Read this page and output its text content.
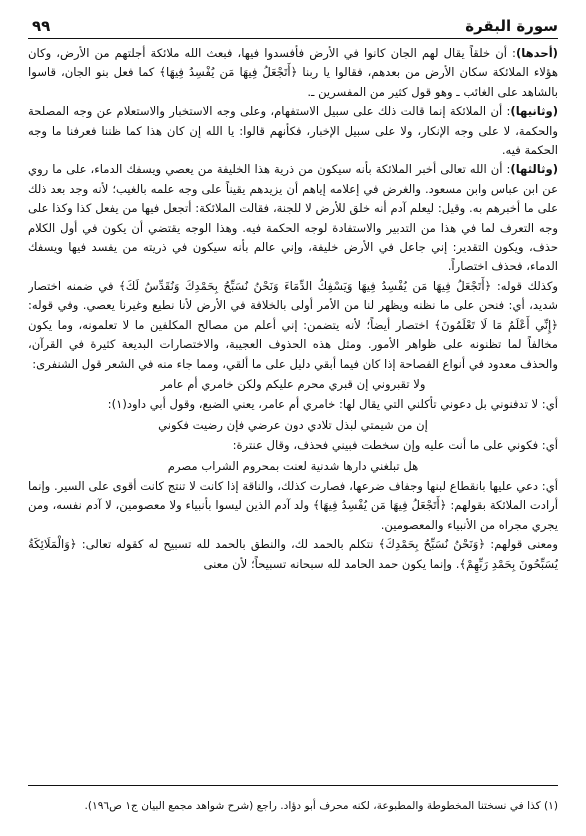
سورة البقرة
٩٩

(أحدها): أن خلقاً يقال لهم الجان كانوا في الأرض فأفسدوا فيها، فبعث الله ملائكة أجلتهم من الأرض، وكان هؤلاء الملائكة سكان الأرض من بعدهم، فقالوا يا ربنا ﴿أَتَجْعَلُ فِيهَا مَن يُفْسِدُ فِيهَا﴾ كما فعل بنو الجان، قاسوا بالشاهد على الغائب ـ وهو قول كثير من المفسرين ـ.

(وثانيها): أن الملائكة إنما قالت ذلك على سبيل الاستفهام، وعلى وجه الاستخبار والاستعلام عن وجه المصلحة والحكمة، لا على وجه الإنكار، ولا على سبيل الإخبار، فكأنهم قالوا: يا الله إن كان هذا كما ظننا فعرفنا ما وجه الحكمة فيه.

(وثالثها): أن الله تعالى أخبر الملائكة بأنه سيكون من ذرية هذا الخليفة من يعصي ويسفك الدماء، على ما روي عن ابن عباس وابن مسعود. والغرض في إعلامه إياهم أن يزيدهم يقيناً على وجه علمه بالغيب؛ لأنه وجد بعد ذلك على ما أخبرهم به. وقيل: ليعلم آدم أنه خلق للأرض لا للجنة، فقالت الملائكة: أتجعل فيها من يفعل كذا وكذا على وجه التعرف لما في هذا من التدبير والاستفادة لوجه الحكمة فيه. وهذا الوجه يقتضي أن يكون في أول الكلام حذف، ويكون التقدير: إني جاعل في الأرض خليفة، وإني عالم بأنه سيكون في ذريته من يفسد فيها ويسفك الدماء، فحذف اختصاراً.

وكذلك قوله: ﴿أَتَجْعَلُ فِيهَا مَن يُفْسِدُ فِيهَا وَيَسْفِكُ الدِّمَاءَ وَنَحْنُ نُسَبِّحُ بِحَمْدِكَ وَنُقَدِّسُ لَكَ﴾ في ضمنه اختصار شديد، أي: فنحن على ما نظنه ويظهر لنا من الأمر أولى بالخلافة في الأرض لأنا نطيع وغيرنا يعصي. وفي قوله: ﴿إِنِّي أَعْلَمُ مَا لَا تَعْلَمُونَ﴾ اختصار أيضاً؛ لأنه يتضمن: إني أعلم من مصالح المكلفين ما لا تعلمونه، وما يكون مخالفاً لما تظنونه على ظواهر الأمور. ومثل هذه الحذوف العجيبة، والاختصارات البديعة كثيرة في القرآن، والحذف معدود في أنواع الفصاحة إذا كان فيما أبقي دليل على ما ألقي، ومما جاء منه في الشعر قول الشنفرى:

ولا تقبروني إن قبري محرم عليكم ولكن خامري أم عامر

أي: لا تدفنوني بل دعوني تأكلني التي يقال لها: خامري أم عامر، يعني الضبع، وقول أبي داود(١):

إن من شيمتي لبذل تلادي دون عرضي فإن رضيت فكوني

أي: فكوني على ما أنت عليه وإن سخطت فبيني فحذف، وقال عنترة:

هل تبلغني دارها شدنية لعنت بمحروم الشراب مصرم

أي: دعي عليها بانقطاع لبنها وجفاف ضرعها، فصارت كذلك، والناقة إذا كانت لا تنتج كانت أقوى على السير. وإنما أرادت الملائكة بقولهم: ﴿أَتَجْعَلُ فِيهَا مَن يُفْسِدُ فِيهَا﴾ ولد آدم الذين ليسوا بأنبياء ولا معصومين، لا آدم نفسه، ومن يجري مجراه من الأنبياء والمعصومين.

ومعنى قولهم: ﴿وَنَحْنُ نُسَبِّحُ بِحَمْدِكَ﴾ نتكلم بالحمد لك، والنطق بالحمد لله تسبيح له كقوله تعالى: ﴿وَالْمَلَائِكَةُ يُسَبِّحُونَ بِحَمْدِ رَبِّهِمْ﴾. وإنما يكون حمد الحامد لله سبحانه تسبيحاً؛ لأن معنى

(١) كذا في نسختنا المخطوطة والمطبوعة، لكنه محرف أبو دؤاد. راجع (شرح شواهد مجمع البيان ج١ ص١٩٦).
